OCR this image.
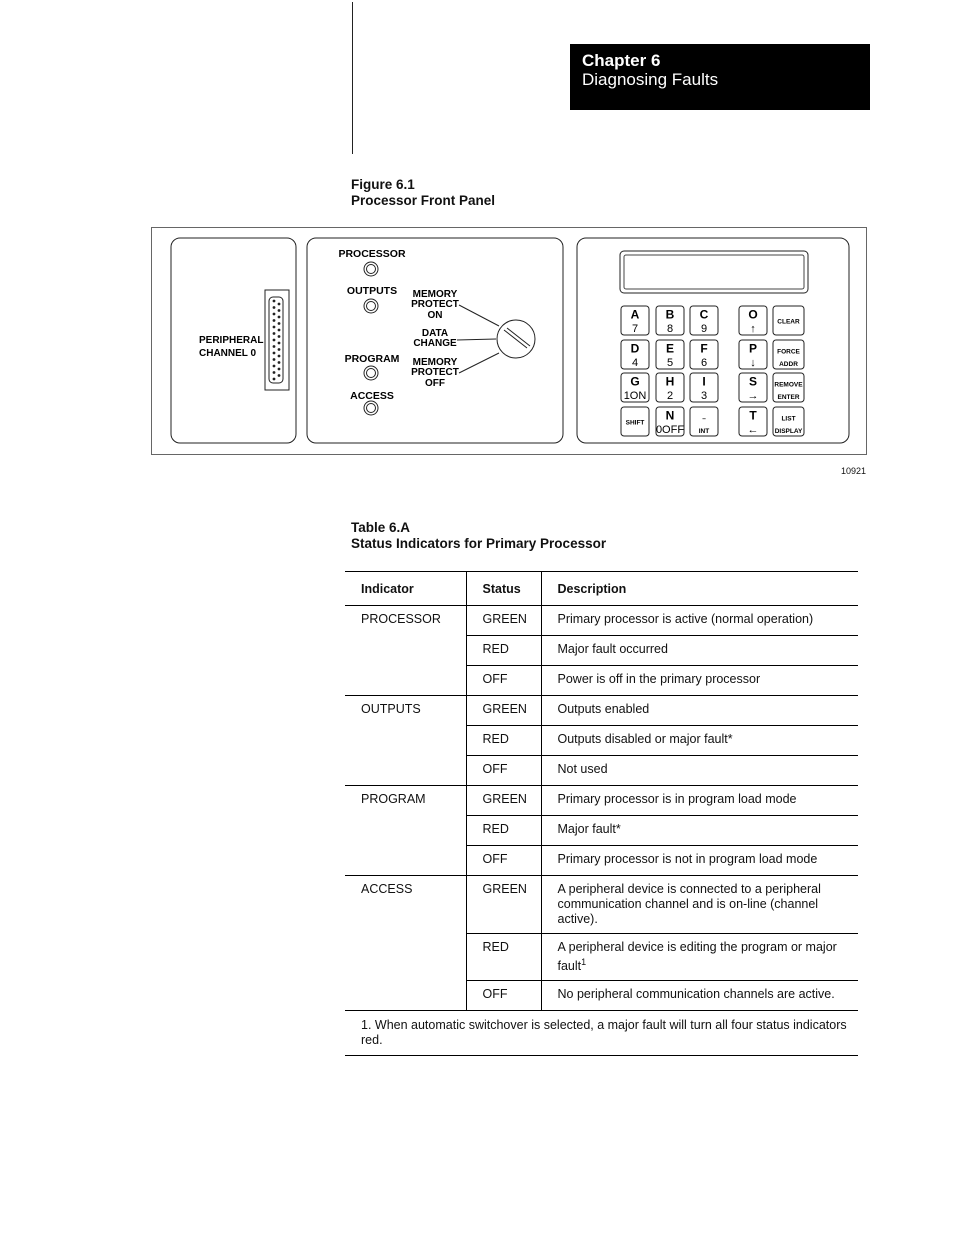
Chapter 6
Diagnosing Faults
Figure 6.1
Processor Front Panel
PERIPHERAL
CHANNEL 0
PROCESSOR
OUTPUTS
PROGRAM
ACCESS
MEMORY
PROTECT
ON
DATA
CHANGE
MEMORY
PROTECT
OFF
A
7
B
8
C
9
D
4
E
5
F
6
G
1ON
H
2
I
3
SHIFT
N
0OFF
–
INT
O
↑
P
↓
S
→
T
←
CLEAR
FORCE
ADDR
REMOVE
ENTER
LIST
DISPLAY
10921
Table 6.A
Status Indicators for Primary Processor
Indicator	Status	Description
PROCESSOR	GREEN	Primary processor is active (normal operation)
	RED	Major fault occurred
	OFF	Power is off in the primary processor
OUTPUTS	GREEN	Outputs enabled
	RED	Outputs disabled or major fault*
	OFF	Not used
PROGRAM	GREEN	Primary processor is in program load mode
	RED	Major fault*
	OFF	Primary processor is not in program load mode
ACCESS	GREEN	A peripheral device is connected to a peripheral communication channel and is on-line (channel active).
	RED	A peripheral device is editing the program or major fault$^1$
	OFF	No peripheral communication channels are active.
1. When automatic switchover is selected, a major fault will turn all four status indicators red.		
